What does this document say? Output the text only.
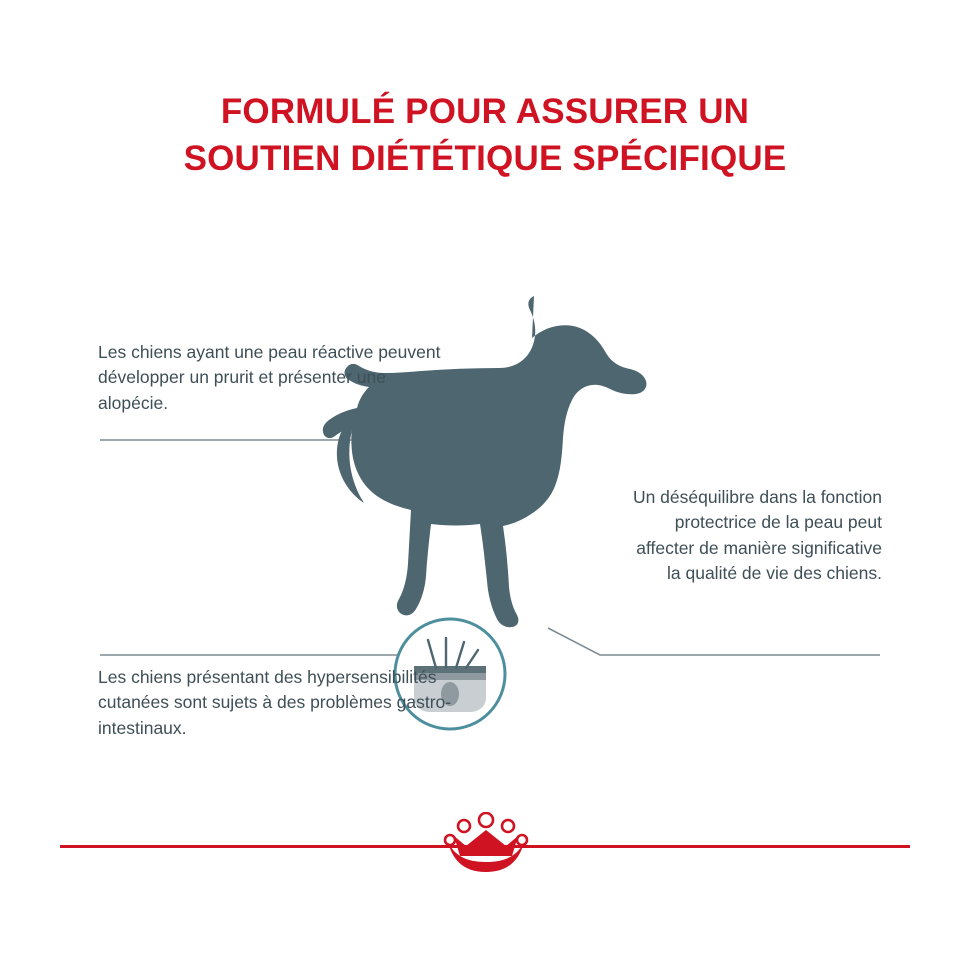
FORMULÉ POUR ASSURER UN
SOUTIEN DIÉTÉTIQUE SPÉCIFIQUE
Les chiens ayant une peau réactive peuvent développer un prurit et présenter une alopécie.
Les chiens présentant des hypersensibilités cutanées sont sujets à des problèmes gastro-intestinaux.
Un déséquilibre dans la fonction protectrice de la peau peut affecter de manière significative la qualité de vie des chiens.
